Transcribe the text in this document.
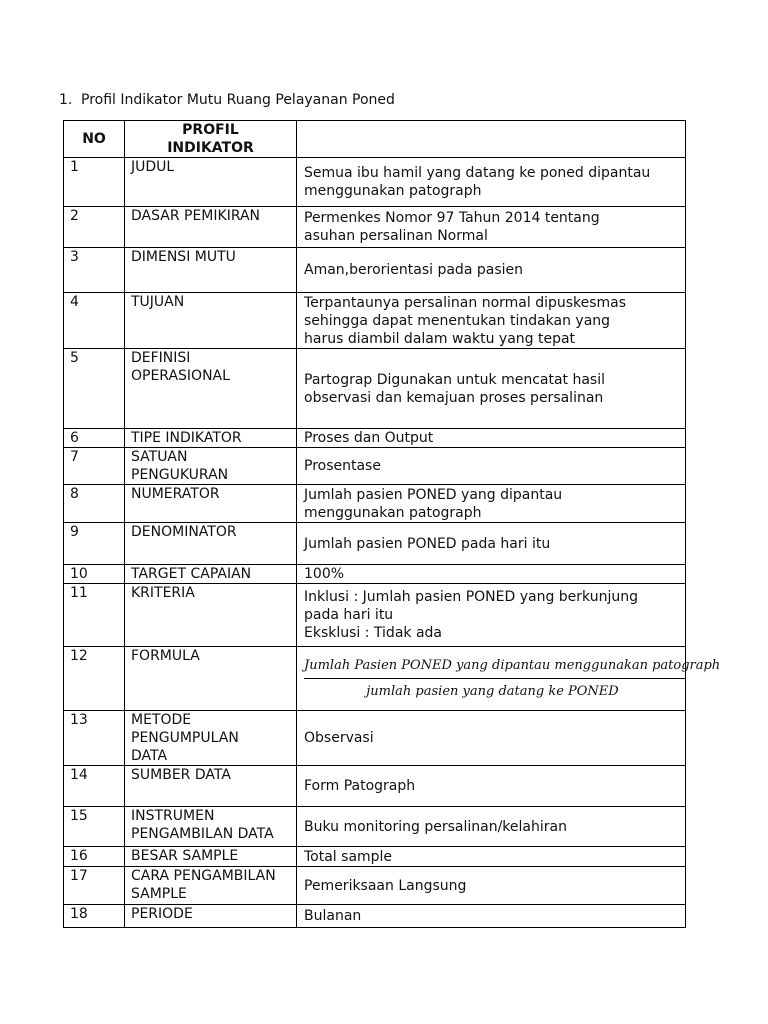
1. Profil Indikator Mutu Ruang Pelayanan Poned
NO	PROFIL
INDIKATOR	
1	JUDUL	Semua ibu hamil yang datang ke poned dipantau
menggunakan patograph
2	DASAR PEMIKIRAN	Permenkes Nomor 97 Tahun 2014 tentang
asuhan persalinan Normal
3	DIMENSI MUTU	Aman,berorientasi pada pasien
4	TUJUAN	Terpantaunya persalinan normal dipuskesmas
sehingga dapat menentukan tindakan yang
harus diambil dalam waktu yang tepat
5	DEFINISI
OPERASIONAL	Partograp Digunakan untuk mencatat hasil
observasi dan kemajuan proses persalinan
6	TIPE INDIKATOR	Proses dan Output
7	SATUAN
PENGUKURAN	Prosentase
8	NUMERATOR	Jumlah pasien PONED yang dipantau
menggunakan patograph
9	DENOMINATOR	Jumlah pasien PONED pada hari itu
10	TARGET CAPAIAN	100%
11	KRITERIA	Inklusi : Jumlah pasien PONED yang berkunjung
pada hari itu
Eksklusi : Tidak ada
12	FORMULA	Jumlah Pasien PONED yang dipantau menggunakan patograph
jumlah pasien yang datang ke PONED

13	METODE
PENGUMPULAN
DATA	Observasi
14	SUMBER DATA	Form Patograph
15	INSTRUMEN
PENGAMBILAN DATA	Buku monitoring persalinan/kelahiran
16	BESAR SAMPLE	Total sample
17	CARA PENGAMBILAN
SAMPLE	Pemeriksaan Langsung
18	PERIODE	Bulanan
